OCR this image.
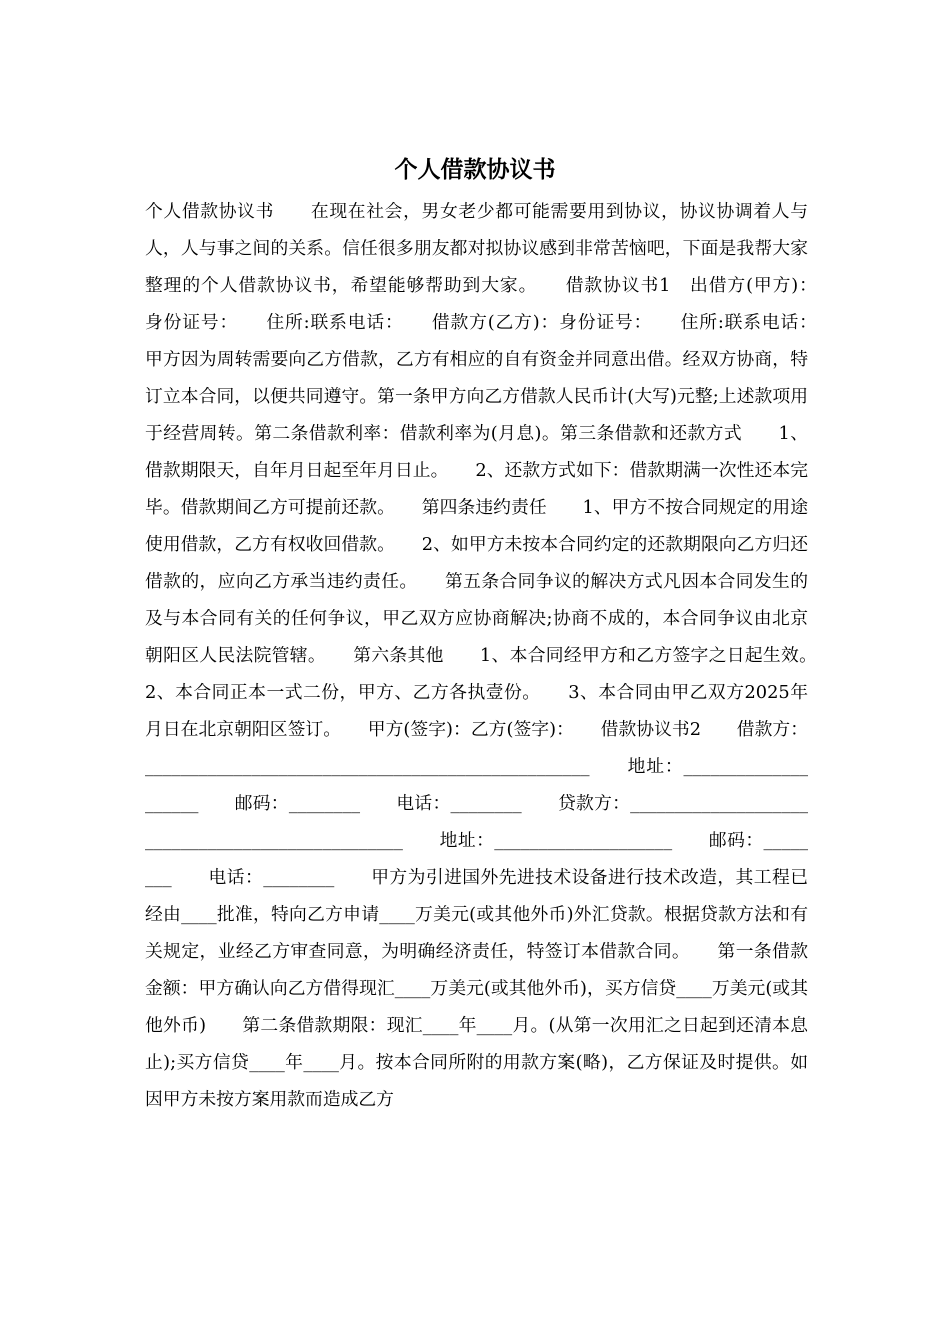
个人借款协议书

个人借款协议书　　在现在社会，男女老少都可能需要用到协议，协议协调着人与人，人与事之间的关系。信任很多朋友都对拟协议感到非常苦恼吧，下面是我帮大家整理的个人借款协议书，希望能够帮助到大家。　　借款协议书1　出借方(甲方)：　　身份证号：　　住所:联系电话：　　借款方(乙方)：身份证号：　　住所:联系电话：　　甲方因为周转需要向乙方借款，乙方有相应的自有资金并同意出借。经双方协商，特订立本合同，以便共同遵守。第一条甲方向乙方借款人民币计(大写)元整;上述款项用于经营周转。第二条借款利率：借款利率为(月息)。第三条借款和还款方式　　1、借款期限天，自年月日起至年月日止。　　2、还款方式如下：借款期满一次性还本完毕。借款期间乙方可提前还款。　　第四条违约责任　　1、甲方不按合同规定的用途使用借款，乙方有权收回借款。　　2、如甲方未按本合同约定的还款期限向乙方归还借款的，应向乙方承当违约责任。　　第五条合同争议的解决方式凡因本合同发生的及与本合同有关的任何争议，甲乙双方应协商解决;协商不成的，本合同争议由北京朝阳区人民法院管辖。　　第六条其他　　1、本合同经甲方和乙方签字之日起生效。　　2、本合同正本一式二份，甲方、乙方各执壹份。　　3、本合同由甲乙双方2025年月日在北京朝阳区签订。　　甲方(签字)：乙方(签字)：　　借款协议书2　　借款方：__________________________________________________　　地址：____________________　　邮码：________　　电话：________　　贷款方：_________________________________________________　　地址：____________________　　邮码：________　　电话：________　　甲方为引进国外先进技术设备进行技术改造，其工程已经由____批准，特向乙方申请____万美元(或其他外币)外汇贷款。根据贷款方法和有关规定，业经乙方审查同意，为明确经济责任，特签订本借款合同。　　第一条借款金额：甲方确认向乙方借得现汇____万美元(或其他外币)，买方信贷____万美元(或其他外币)　　第二条借款期限：现汇____年____月。(从第一次用汇之日起到还清本息止);买方信贷____年____月。按本合同所附的用款方案(略)，乙方保证及时提供。如因甲方未按方案用款而造成乙方
